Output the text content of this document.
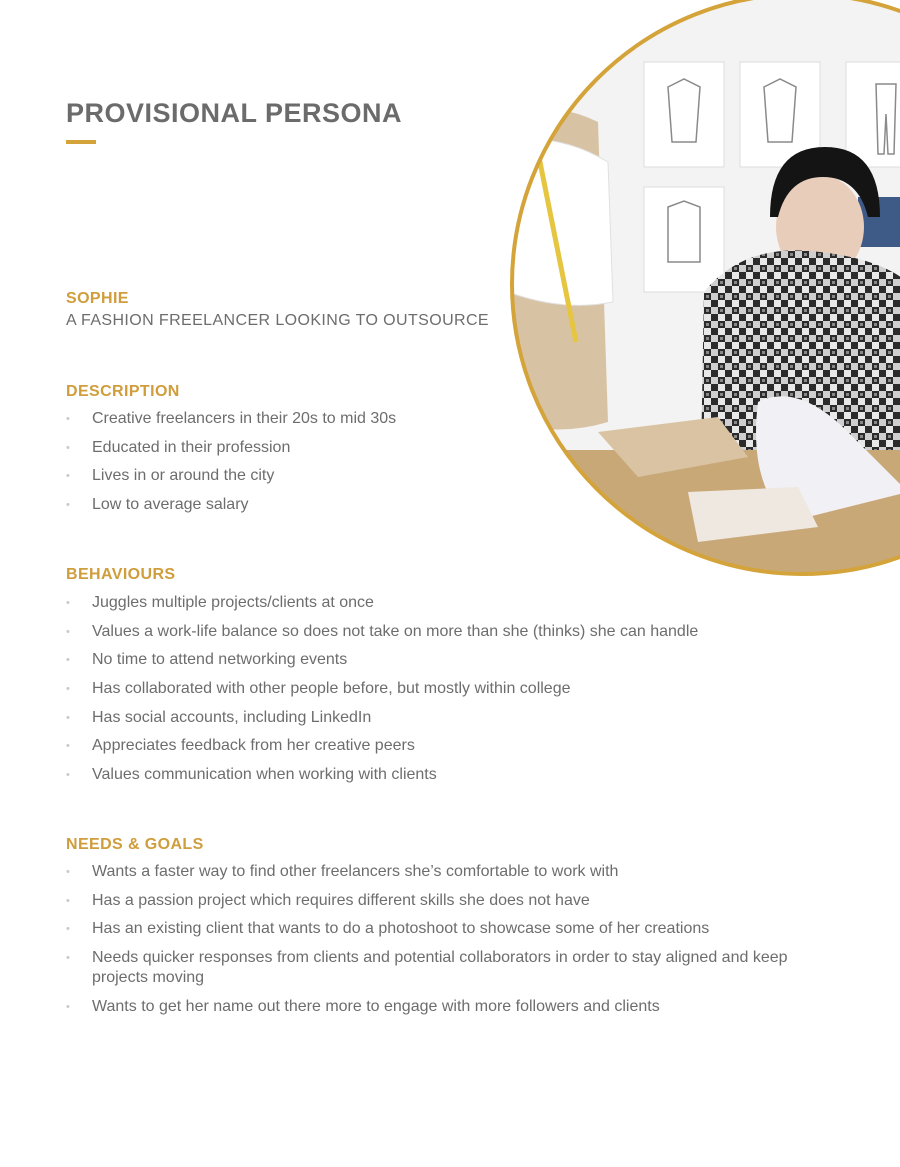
PROVISIONAL PERSONA
SOPHIE

A FASHION FREELANCER LOOKING TO OUTSOURCE

DESCRIPTION
• Creative freelancers in their 20s to mid 30s
• Educated in their profession
• Lives in or around the city
• Low to average salary
BEHAVIOURS
• Juggles multiple projects/clients at once
• Values a work-life balance so does not take on more than she (thinks) she can handle
• No time to attend networking events
• Has collaborated with other people before, but mostly within college
• Has social accounts, including LinkedIn
• Appreciates feedback from her creative peers
• Values communication when working with clients
NEEDS & GOALS
• Wants a faster way to find other freelancers she’s comfortable to work with
• Has a passion project which requires different skills she does not have
• Has an existing client that wants to do a photoshoot to showcase some of her creations
• Needs quicker responses from clients and potential collaborators in order to stay aligned and keep projects moving
• Wants to get her name out there more to engage with more followers and clients
